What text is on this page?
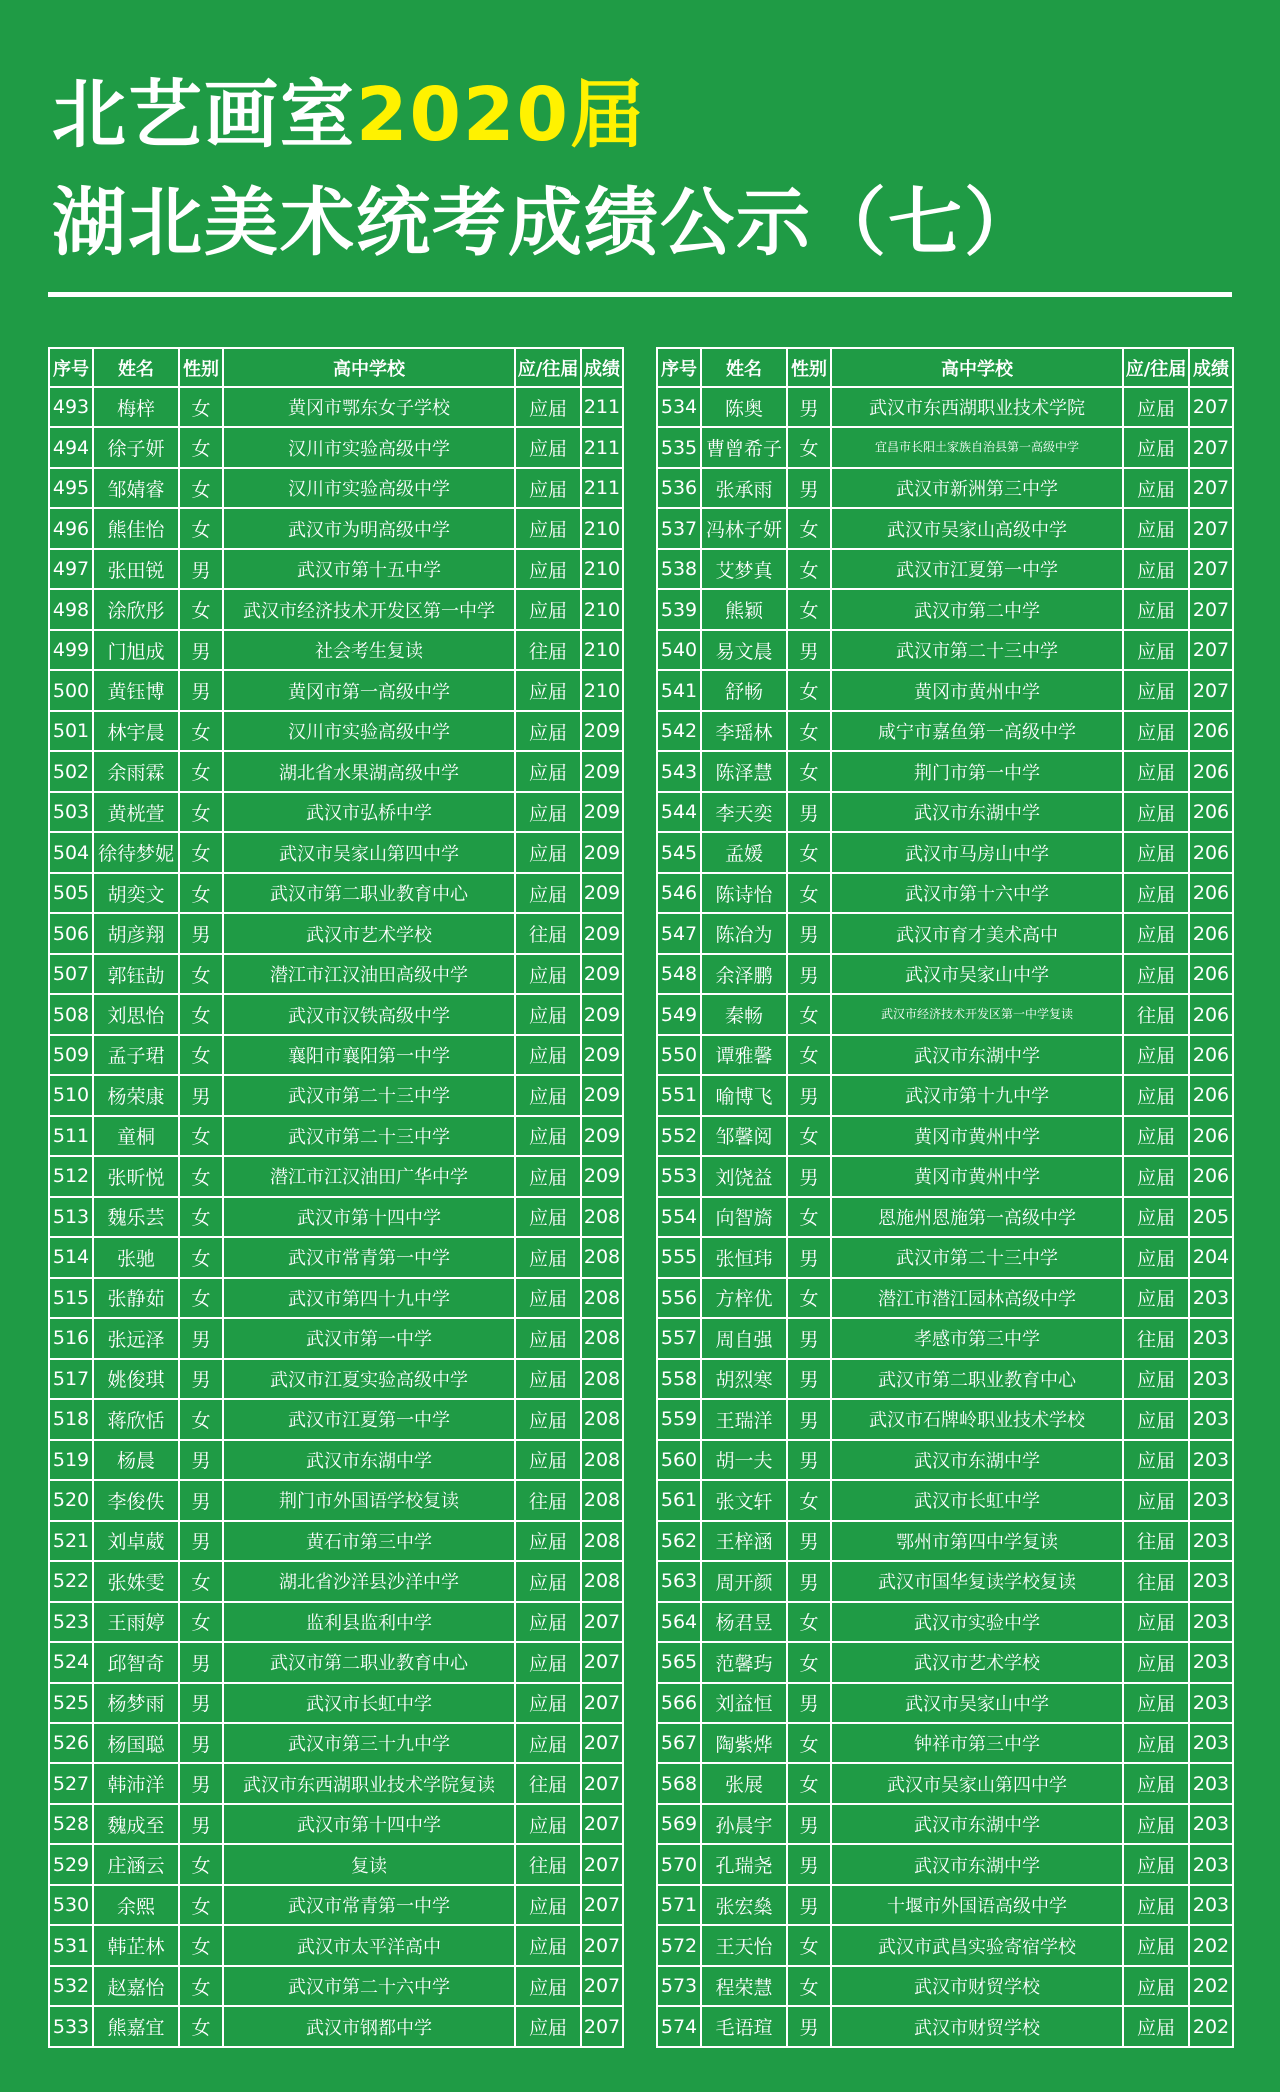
北艺画室2020届
湖北美术统考成绩公示（七）
序号	姓名	性别	高中学校	应/往届	成绩
493	梅梓	女	黄冈市鄂东女子学校	应届	211
494	徐子妍	女	汉川市实验高级中学	应届	211
495	邹婧睿	女	汉川市实验高级中学	应届	211
496	熊佳怡	女	武汉市为明高级中学	应届	210
497	张田锐	男	武汉市第十五中学	应届	210
498	涂欣彤	女	武汉市经济技术开发区第一中学	应届	210
499	门旭成	男	社会考生复读	往届	210
500	黄钰博	男	黄冈市第一高级中学	应届	210
501	林宇晨	女	汉川市实验高级中学	应届	209
502	余雨霖	女	湖北省水果湖高级中学	应届	209
503	黄桄萱	女	武汉市弘桥中学	应届	209
504	徐待梦妮	女	武汉市吴家山第四中学	应届	209
505	胡奕文	女	武汉市第二职业教育中心	应届	209
506	胡彦翔	男	武汉市艺术学校	往届	209
507	郭钰劼	女	潜江市江汉油田高级中学	应届	209
508	刘思怡	女	武汉市汉铁高级中学	应届	209
509	孟子珺	女	襄阳市襄阳第一中学	应届	209
510	杨荣康	男	武汉市第二十三中学	应届	209
511	童桐	女	武汉市第二十三中学	应届	209
512	张昕悦	女	潜江市江汉油田广华中学	应届	209
513	魏乐芸	女	武汉市第十四中学	应届	208
514	张驰	女	武汉市常青第一中学	应届	208
515	张静茹	女	武汉市第四十九中学	应届	208
516	张远泽	男	武汉市第一中学	应届	208
517	姚俊琪	男	武汉市江夏实验高级中学	应届	208
518	蒋欣恬	女	武汉市江夏第一中学	应届	208
519	杨晨	男	武汉市东湖中学	应届	208
520	李俊佚	男	荆门市外国语学校复读	往届	208
521	刘卓葳	男	黄石市第三中学	应届	208
522	张姝雯	女	湖北省沙洋县沙洋中学	应届	208
523	王雨婷	女	监利县监利中学	应届	207
524	邱智奇	男	武汉市第二职业教育中心	应届	207
525	杨梦雨	男	武汉市长虹中学	应届	207
526	杨国聪	男	武汉市第三十九中学	应届	207
527	韩沛洋	男	武汉市东西湖职业技术学院复读	往届	207
528	魏成至	男	武汉市第十四中学	应届	207
529	庄涵云	女	复读	往届	207
530	余熙	女	武汉市常青第一中学	应届	207
531	韩芷林	女	武汉市太平洋高中	应届	207
532	赵嘉怡	女	武汉市第二十六中学	应届	207
533	熊嘉宜	女	武汉市钢都中学	应届	207
序号	姓名	性别	高中学校	应/往届	成绩
534	陈奥	男	武汉市东西湖职业技术学院	应届	207
535	曹曾希子	女	宜昌市长阳土家族自治县第一高级中学	应届	207
536	张承雨	男	武汉市新洲第三中学	应届	207
537	冯林子妍	女	武汉市吴家山高级中学	应届	207
538	艾梦真	女	武汉市江夏第一中学	应届	207
539	熊颖	女	武汉市第二中学	应届	207
540	易文晨	男	武汉市第二十三中学	应届	207
541	舒畅	女	黄冈市黄州中学	应届	207
542	李瑶林	女	咸宁市嘉鱼第一高级中学	应届	206
543	陈泽慧	女	荆门市第一中学	应届	206
544	李天奕	男	武汉市东湖中学	应届	206
545	孟媛	女	武汉市马房山中学	应届	206
546	陈诗怡	女	武汉市第十六中学	应届	206
547	陈冶为	男	武汉市育才美术高中	应届	206
548	余泽鹏	男	武汉市吴家山中学	应届	206
549	秦畅	女	武汉市经济技术开发区第一中学复读	往届	206
550	谭雅馨	女	武汉市东湖中学	应届	206
551	喻博飞	男	武汉市第十九中学	应届	206
552	邹馨阅	女	黄冈市黄州中学	应届	206
553	刘饶益	男	黄冈市黄州中学	应届	206
554	向智旖	女	恩施州恩施第一高级中学	应届	205
555	张恒玮	男	武汉市第二十三中学	应届	204
556	方梓优	女	潜江市潜江园林高级中学	应届	203
557	周自强	男	孝感市第三中学	往届	203
558	胡烈寒	男	武汉市第二职业教育中心	应届	203
559	王瑞洋	男	武汉市石牌岭职业技术学校	应届	203
560	胡一夫	男	武汉市东湖中学	应届	203
561	张文轩	女	武汉市长虹中学	应届	203
562	王梓涵	男	鄂州市第四中学复读	往届	203
563	周开颜	男	武汉市国华复读学校复读	往届	203
564	杨君昱	女	武汉市实验中学	应届	203
565	范馨玙	女	武汉市艺术学校	应届	203
566	刘益恒	男	武汉市吴家山中学	应届	203
567	陶紫烨	女	钟祥市第三中学	应届	203
568	张展	女	武汉市吴家山第四中学	应届	203
569	孙晨宇	男	武汉市东湖中学	应届	203
570	孔瑞尧	男	武汉市东湖中学	应届	203
571	张宏燊	男	十堰市外国语高级中学	应届	203
572	王天怡	女	武汉市武昌实验寄宿学校	应届	202
573	程荣慧	女	武汉市财贸学校	应届	202
574	毛语瑄	男	武汉市财贸学校	应届	202
